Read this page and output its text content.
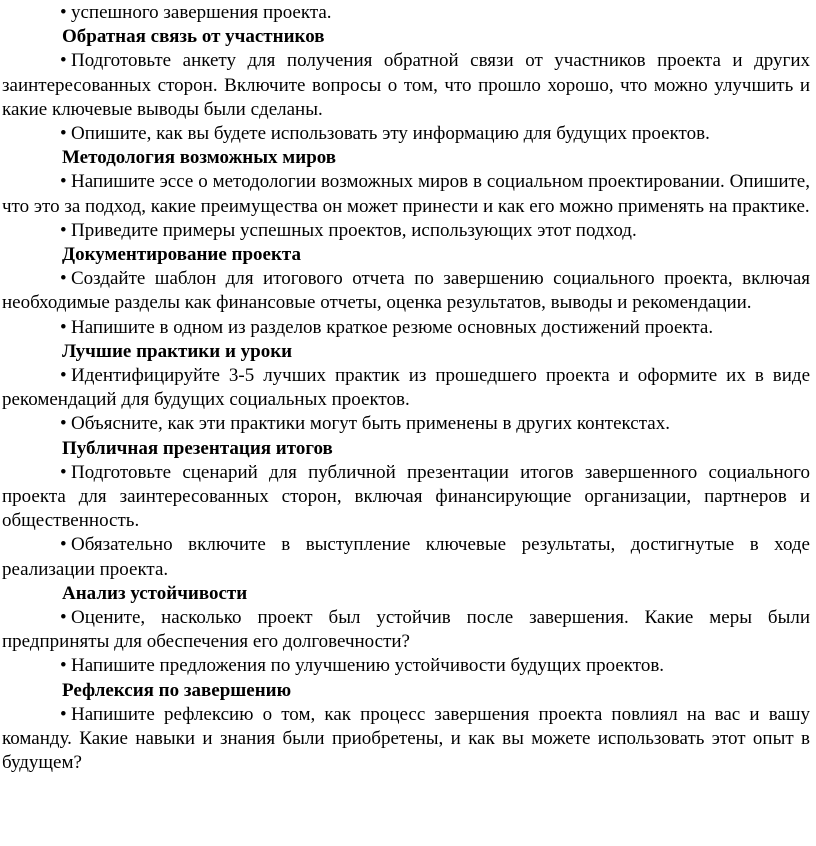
• успешного завершения проекта.

Обратная связь от участников

• Подготовьте анкету для получения обратной связи от участников проекта и других заинтересованных сторон. Включите вопросы о том, что прошло хорошо, что можно улучшить и какие ключевые выводы были сделаны.

• Опишите, как вы будете использовать эту информацию для будущих проектов.

Методология возможных миров

• Напишите эссе о методологии возможных миров в социальном проектировании. Опишите, что это за подход, какие преимущества он может принести и как его можно применять на практике.

• Приведите примеры успешных проектов, использующих этот подход.

Документирование проекта

• Создайте шаблон для итогового отчета по завершению социального проекта, включая необходимые разделы как финансовые отчеты, оценка результатов, выводы и рекомендации.

• Напишите в одном из разделов краткое резюме основных достижений проекта.

Лучшие практики и уроки

• Идентифицируйте 3-5 лучших практик из прошедшего проекта и оформите их в виде рекомендаций для будущих социальных проектов.

• Объясните, как эти практики могут быть применены в других контекстах.

Публичная презентация итогов

• Подготовьте сценарий для публичной презентации итогов завершенного социального проекта для заинтересованных сторон, включая финансирующие организации, партнеров и общественность.

• Обязательно включите в выступление ключевые результаты, достигнутые в ходе реализации проекта.

Анализ устойчивости

• Оцените, насколько проект был устойчив после завершения. Какие меры были предприняты для обеспечения его долговечности?

• Напишите предложения по улучшению устойчивости будущих проектов.

Рефлексия по завершению

• Напишите рефлексию о том, как процесс завершения проекта повлиял на вас и вашу команду. Какие навыки и знания были приобретены, и как вы можете использовать этот опыт в будущем?
